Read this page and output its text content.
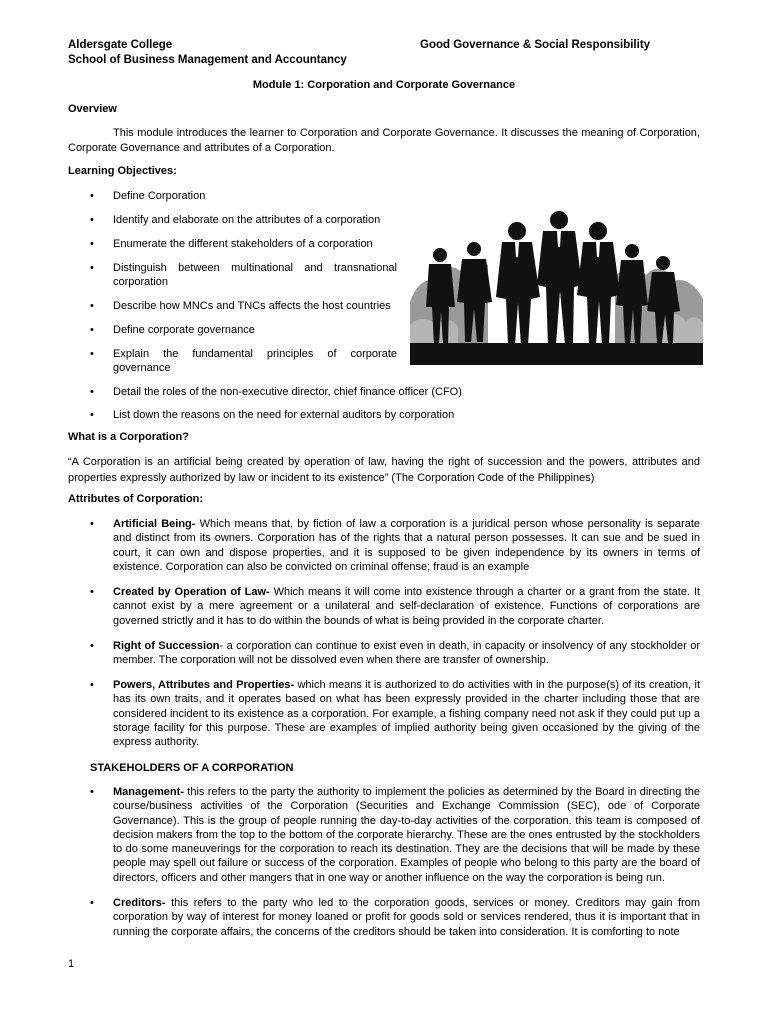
Aldersgate College
School of Business Management and Accountancy
Good Governance & Social Responsibility
Module 1: Corporation and Corporate Governance
Overview
This module introduces the learner to Corporation and Corporate Governance. It discusses the meaning of Corporation, Corporate Governance and attributes of a Corporation.
Learning Objectives:
• Define Corporation
• Identify and elaborate on the attributes of a corporation
• Enumerate the different stakeholders of a corporation
• Distinguish between multinational and transnational corporation
• Describe how MNCs and TNCs affects the host countries
• Define corporate governance
• Explain the fundamental principles of corporate governance
• Detail the roles of the non-executive director, chief finance officer (CFO)
• List down the reasons on the need for external auditors by corporation
What is a Corporation?
“A Corporation is an artificial being created by operation of law, having the right of succession and the powers, attributes and properties expressly authorized by law or incident to its existence” (The Corporation Code of the Philippines)
Attributes of Corporation:
• Artificial Being- Which means that, by fiction of law a corporation is a juridical person whose personality is separate and distinct from its owners. Corporation has of the rights that a natural person possesses. It can sue and be sued in court, it can own and dispose properties, and it is supposed to be given independence by its owners in terms of existence. Corporation can also be convicted on criminal offense; fraud is an example
• Created by Operation of Law- Which means it will come into existence through a charter or a grant from the state. It cannot exist by a mere agreement or a unilateral and self-declaration of existence. Functions of corporations are governed strictly and it has to do within the bounds of what is being provided in the corporate charter.
• Right of Succession- a corporation can continue to exist even in death, in capacity or insolvency of any stockholder or member. The corporation will not be dissolved even when there are transfer of ownership.
• Powers, Attributes and Properties- which means it is authorized to do activities with in the purpose(s) of its creation, it has its own traits, and it operates based on what has been expressly provided in the charter including those that are considered incident to its existence as a corporation. For example, a fishing company need not ask if they could put up a storage facility for this purpose. These are examples of implied authority being given occasioned by the giving of the express authority.
STAKEHOLDERS OF A CORPORATION
• Management- this refers to the party the authority to implement the policies as determined by the Board in directing the course/business activities of the Corporation (Securities and Exchange Commission (SEC), ode of Corporate Governance). This is the group of people running the day-to-day activities of the corporation. this team is composed of decision makers from the top to the bottom of the corporate hierarchy. These are the ones entrusted by the stockholders to do some maneuverings for the corporation to reach its destination. They are the decisions that will be made by these people may spell out failure or success of the corporation. Examples of people who belong to this party are the board of directors, officers and other mangers that in one way or another influence on the way the corporation is being run.
• Creditors- this refers to the party who led to the corporation goods, services or money. Creditors may gain from corporation by way of interest for money loaned or profit for goods sold or services rendered, thus it is important that in running the corporate affairs, the concerns of the creditors should be taken into consideration. It is comforting to note
1
